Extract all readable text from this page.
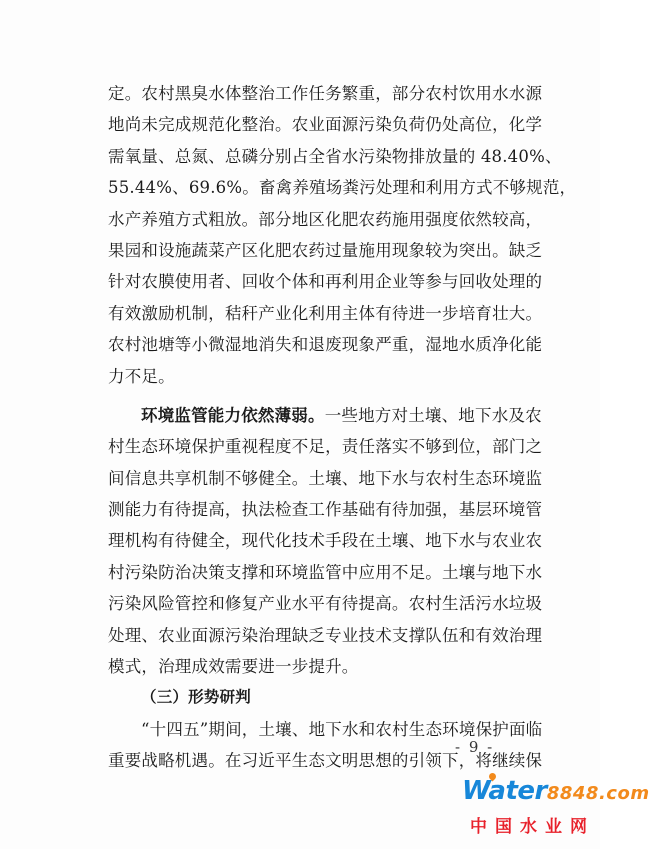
定。农村黑臭水体整治工作任务繁重，部分农村饮用水水源
地尚未完成规范化整治。农业面源污染负荷仍处高位，化学
需氧量、总氮、总磷分别占全省水污染物排放量的 48.40%、
55.44%、69.6%。畜禽养殖场粪污处理和利用方式不够规范，
水产养殖方式粗放。部分地区化肥农药施用强度依然较高，
果园和设施蔬菜产区化肥农药过量施用现象较为突出。缺乏
针对农膜使用者、回收个体和再利用企业等参与回收处理的
有效激励机制，秸秆产业化利用主体有待进一步培育壮大。
农村池塘等小微湿地消失和退废现象严重，湿地水质净化能
力不足。
环境监管能力依然薄弱。一些地方对土壤、地下水及农
村生态环境保护重视程度不足，责任落实不够到位，部门之
间信息共享机制不够健全。土壤、地下水与农村生态环境监
测能力有待提高，执法检查工作基础有待加强，基层环境管
理机构有待健全，现代化技术手段在土壤、地下水与农业农
村污染防治决策支撑和环境监管中应用不足。土壤与地下水
污染风险管控和修复产业水平有待提高。农村生活污水垃圾
处理、农业面源污染治理缺乏专业技术支撑队伍和有效治理
模式，治理成效需要进一步提升。
（三）形势研判
“十四五”期间，土壤、地下水和农村生态环境保护面临
重要战略机遇。在习近平生态文明思想的引领下，将继续保
- 9 -
Water8848.com
中国水业网
